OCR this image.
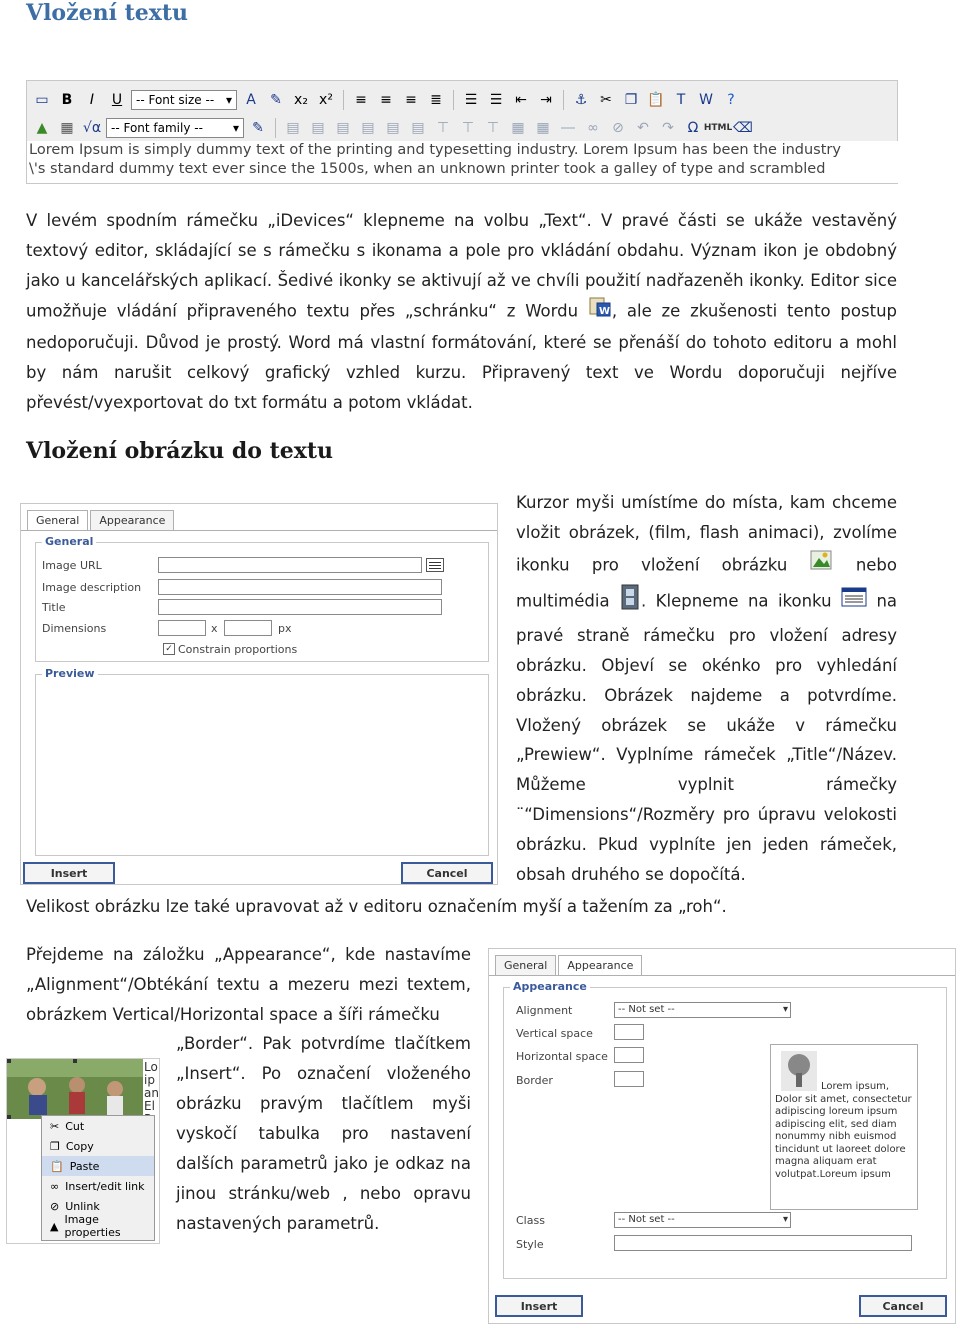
Vložení textu
▭ B	I	U	-- Font size -- ▾	A	✎ x₂ x²	≡ ≡ ≡ ≣	☰ ☰ ⇤ ⇥	⚓ ✂ ❐ 📋 T W	?
▲ ▦ √α -- Font family --	▾ ✎	▤ ▤ ▤ ▤ ▤ ▤ ⊤ ⊤ ⊤ ▦ ▦ ― ∞ ⊘ ↶ ↷ Ω HTML ⌫
Lorem Ipsum is simply dummy text of the printing and typesetting industry. Lorem Ipsum has been the industry
\'s standard dummy text ever since the 1500s, when an unknown printer took a galley of type and scrambled
V levém spodním rámečku „iDevices“ klepneme na volbu „Text“. V pravé části se ukáže vestavěný textový editor, skládající se s rámečku s ikonama a pole pro vkládání obdahu. Význam ikon je obdobný jako u kancelářských aplikací. Šedivé ikonky se aktivují až ve chvíli použití nadřazeněh ikonky. Editor sice umožňuje vládání připraveného textu přes „schránku“ z Wordu W , ale ze zkušenosti tento postup nedoporučuji. Důvod je prostý. Word má vlastní formátování, které se přenáší do tohoto editoru a mohl by nám narušit celkový grafický vzhled kurzu. Připravený text ve Wordu doporučuji nejříve převést/vyexportovat do txt formátu a potom vkládat.
Vložení obrázku do textu
General	Appearance
General
Image URL
Image description
Title
Dimensions	x	px
✓ Constrain proportions
Preview
Insert	Cancel
Kurzor myši umístíme do místa, kam chceme vložit obrázek, (film, flash animaci), zvolíme ikonku pro vložení obrázku	nebo multimédia . Klepneme na ikonku	na pravé straně rámečku pro vložení adresy obrázku. Objeví se okénko pro vyhledání obrázku. Obrázek najdeme a potvrdíme. Vložený obrázek se ukáže v rámečku „Prewiew“. Vyplníme rámeček „Title“/Název. Můžeme vyplnit rámečky ¨“Dimensions“/Rozměry pro úpravu velokosti obrázku. Pkud vyplníte jen jeden rámeček, obsah druhého se dopočítá.
Velikost obrázku lze také upravovat až v editoru označením myší a tažením za „roh“.
Přejdeme na záložku „Appearance“, kde nastavíme „Alignment“/Obtékání textu a mezeru mezi textem, obrázkem Vertical/Horizontal space a šíři rámečku
„Border“. Pak potvrdíme tlačítkem „Insert“. Po označení vloženého obrázku pravým tlačítlem myši vyskočí tabulka pro nastavení dalších parametrů jako je odkaz na jinou stránku/web , nebo opravu nastavených parametrů.
Lo
ip
an
El
✂ Cut
❐ Copy
📋 Paste
∞ Insert/edit link
⊘ Unlink
▲ Image properties
General	Appearance
Appearance
Alignment	-- Not set -- ▾
Vertical space
Horizontal space
Border	Lorem ipsum, Dolor sit amet, consectetur adipiscing loreum ipsum adipiscing elit, sed diam nonummy nibh euismod tincidunt ut laoreet dolore magna aliquam erat volutpat.Loreum ipsum
Class	-- Not set -- ▾
Style
Insert	Cancel
